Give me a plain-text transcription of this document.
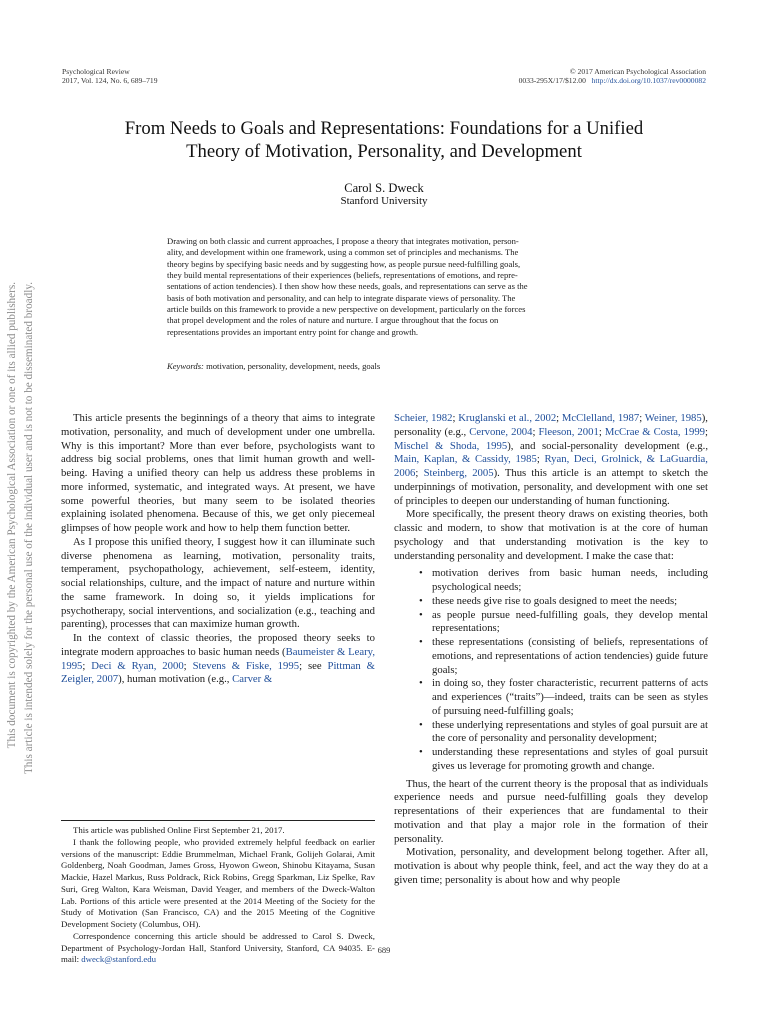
Psychological Review
2017, Vol. 124, No. 6, 689–719
© 2017 American Psychological Association
0033-295X/17/$12.00 http://dx.doi.org/10.1037/rev0000082
This document is copyrighted by the American Psychological Association or one of its allied publishers. This article is intended solely for the personal use of the individual user and is not to be disseminated broadly.
From Needs to Goals and Representations: Foundations for a Unified
Theory of Motivation, Personality, and Development
Carol S. Dweck
Stanford University
Drawing on both classic and current approaches, I propose a theory that integrates motivation, person-
ality, and development within one framework, using a common set of principles and mechanisms. The
theory begins by specifying basic needs and by suggesting how, as people pursue need-fulfilling goals,
they build mental representations of their experiences (beliefs, representations of emotions, and repre-
sentations of action tendencies). I then show how these needs, goals, and representations can serve as the
basis of both motivation and personality, and can help to integrate disparate views of personality. The
article builds on this framework to provide a new perspective on development, particularly on the forces
that propel development and the roles of nature and nurture. I argue throughout that the focus on
representations provides an important entry point for change and growth.
Keywords: motivation, personality, development, needs, goals

This article presents the beginnings of a theory that aims to integrate motivation, personality, and much of development under one umbrella. Why is this important? More than ever before, psychologists want to address big social problems, ones that limit human growth and well-being. Having a unified theory can help us address these problems in more informed, systematic, and integrated ways. At present, we have some powerful theories, but many seem to be isolated theories explaining isolated phenomena. Because of this, we get only piecemeal glimpses of how people work and how to help them function better.

As I propose this unified theory, I suggest how it can illuminate such diverse phenomena as learning, motivation, personality traits, temperament, psychopathology, achievement, self-esteem, identity, social relationships, culture, and the impact of nature and nurture within the same framework. In doing so, it yields implications for psychotherapy, social interventions, and socialization (e.g., teaching and parenting), processes that can maximize human growth.

In the context of classic theories, the proposed theory seeks to integrate modern approaches to basic human needs (Baumeister & Leary, 1995; Deci & Ryan, 2000; Stevens & Fiske, 1995; see Pittman & Zeigler, 2007), human motivation (e.g., Carver &

This article was published Online First September 21, 2017.

I thank the following people, who provided extremely helpful feedback on earlier versions of the manuscript: Eddie Brummelman, Michael Frank, Golijeh Golarai, Amit Goldenberg, Noah Goodman, James Gross, Hyowon Gweon, Shinobu Kitayama, Susan Mackie, Hazel Markus, Russ Poldrack, Rick Robins, Gregg Sparkman, Liz Spelke, Rav Suri, Greg Walton, Kara Weisman, David Yeager, and members of the Dweck-Walton Lab. Portions of this article were presented at the 2014 Meeting of the Society for the Study of Motivation (San Francisco, CA) and the 2015 Meeting of the Cognitive Development Society (Columbus, OH).

Correspondence concerning this article should be addressed to Carol S. Dweck, Department of Psychology-Jordan Hall, Stanford University, Stanford, CA 94035. E-mail: dweck@stanford.edu

Scheier, 1982; Kruglanski et al., 2002; McClelland, 1987; Weiner, 1985), personality (e.g., Cervone, 2004; Fleeson, 2001; McCrae & Costa, 1999; Mischel & Shoda, 1995), and social-personality development (e.g., Main, Kaplan, & Cassidy, 1985; Ryan, Deci, Grolnick, & LaGuardia, 2006; Steinberg, 2005). Thus this article is an attempt to sketch the underpinnings of motivation, personality, and development with one set of principles to deepen our understanding of human functioning.

More specifically, the present theory draws on existing theories, both classic and modern, to show that motivation is at the core of human psychology and that understanding motivation is the key to understanding personality and development. I make the case that:

• motivation derives from basic human needs, including psychological needs;
• these needs give rise to goals designed to meet the needs;
• as people pursue need-fulfilling goals, they develop mental representations;
• these representations (consisting of beliefs, representations of emotions, and representations of action tendencies) guide future goals;
• in doing so, they foster characteristic, recurrent patterns of acts and experiences (“traits”)—indeed, traits can be seen as styles of pursuing need-fulfilling goals;
• these underlying representations and styles of goal pursuit are at the core of personality and personality development;
• understanding these representations and styles of goal pursuit gives us leverage for promoting growth and change.

Thus, the heart of the current theory is the proposal that as individuals experience needs and pursue need-fulfilling goals they develop representations of their experiences that are fundamental to their motivation and that play a major role in the formation of their personality.

Motivation, personality, and development belong together. After all, motivation is about why people think, feel, and act the way they do at a given time; personality is about how and why people

689
